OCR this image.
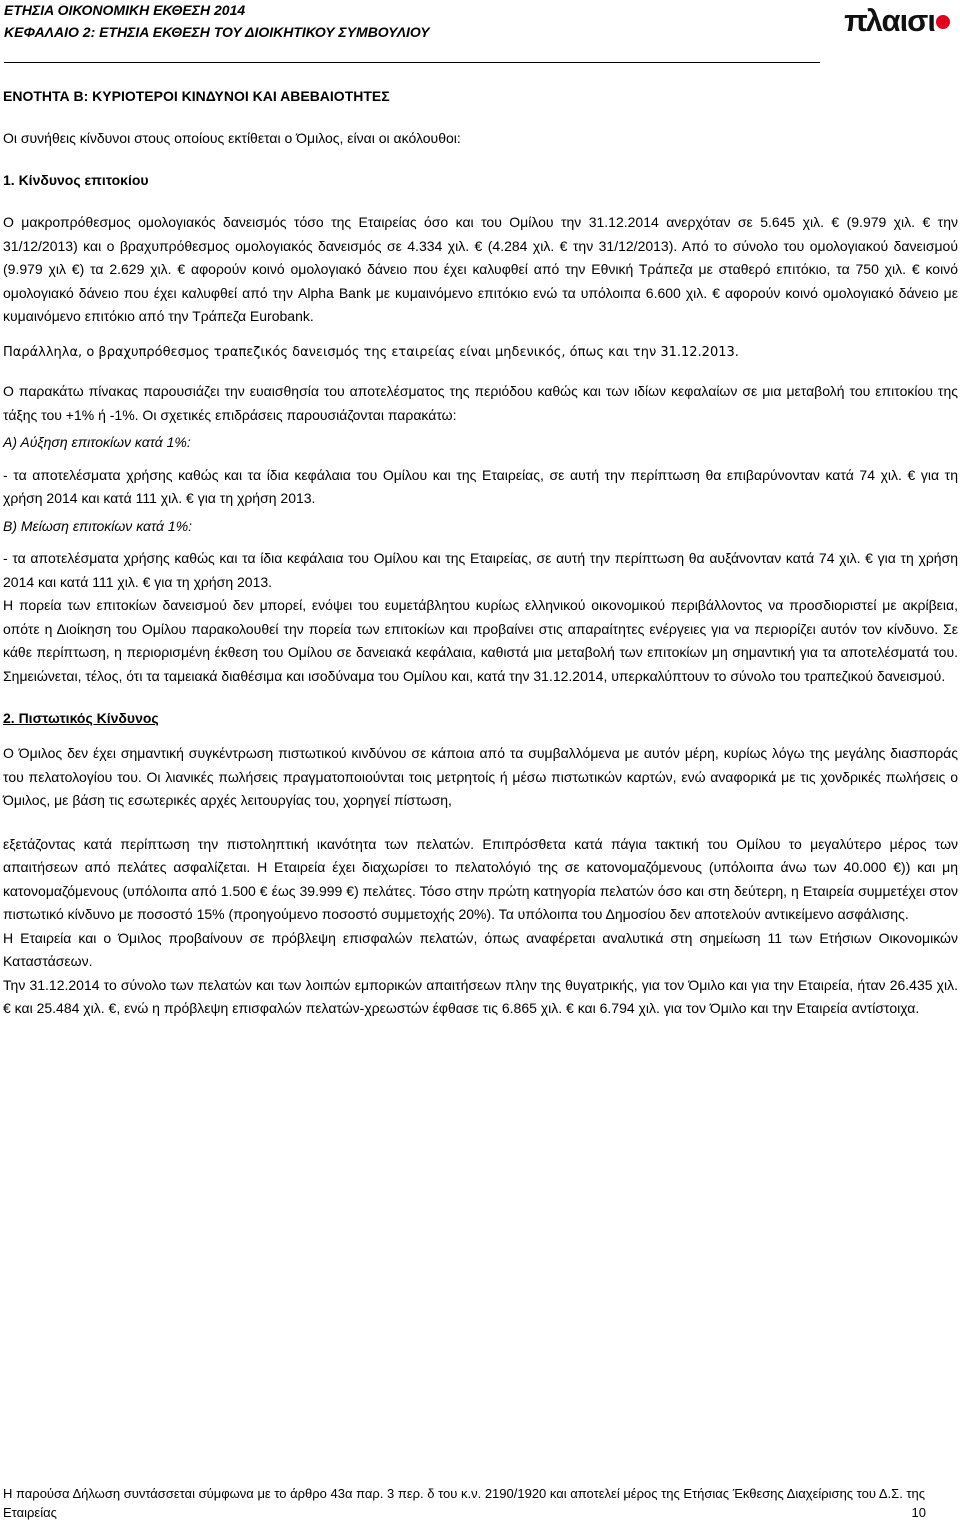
ΕΤΗΣΙΑ ΟΙΚΟΝΟΜΙΚΗ ΕΚΘΕΣΗ 2014
ΚΕΦΑΛΑΙΟ 2: ΕΤΗΣΙΑ ΕΚΘΕΣΗ ΤΟΥ ΔΙΟΙΚΗΤΙΚΟΥ ΣΥΜΒΟΥΛΙΟΥ	πλαισι
ΕΝΟΤΗΤΑ Β: ΚΥΡΙΟΤΕΡΟΙ ΚΙΝΔΥΝΟΙ ΚΑΙ ΑΒΕΒΑΙΟΤΗΤΕΣ

Οι συνήθεις κίνδυνοι στους οποίους εκτίθεται ο Όμιλος, είναι οι ακόλουθοι:

1. Κίνδυνος επιτοκίου

Ο μακροπρόθεσμος ομολογιακός δανεισμός τόσο της Εταιρείας όσο και του Ομίλου την 31.12.2014 ανερχόταν σε 5.645 χιλ. € (9.979 χιλ. € την 31/12/2013) και ο βραχυπρόθεσμος ομολογιακός δανεισμός σε 4.334 χιλ. € (4.284 χιλ. € την 31/12/2013). Από το σύνολο του ομολογιακού δανεισμού (9.979 χιλ €) τα 2.629 χιλ. € αφορούν κοινό ομολογιακό δάνειο που έχει καλυφθεί από την Εθνική Τράπεζα με σταθερό επιτόκιο, τα 750 χιλ. € κοινό ομολογιακό δάνειο που έχει καλυφθεί από την Alpha Bank με κυμαινόμενο επιτόκιο ενώ τα υπόλοιπα 6.600 χιλ. € αφορούν κοινό ομολογιακό δάνειο με κυμαινόμενο επιτόκιο από την Τράπεζα Eurobank.

Παράλληλα, ο βραχυπρόθεσμος τραπεζικός δανεισμός της εταιρείας είναι μηδενικός, όπως και την 31.12.2013.

Ο παρακάτω πίνακας παρουσιάζει την ευαισθησία του αποτελέσματος της περιόδου καθώς και των ιδίων κεφαλαίων σε μια μεταβολή του επιτοκίου της τάξης του +1% ή -1%. Οι σχετικές επιδράσεις παρουσιάζονται παρακάτω:

Α) Αύξηση επιτοκίων κατά 1%:

- τα αποτελέσματα χρήσης καθώς και τα ίδια κεφάλαια του Ομίλου και της Εταιρείας, σε αυτή την περίπτωση θα επιβαρύνονταν κατά 74 χιλ. € για τη χρήση 2014 και κατά 111 χιλ. € για τη χρήση 2013.

Β) Μείωση επιτοκίων κατά 1%:

- τα αποτελέσματα χρήσης καθώς και τα ίδια κεφάλαια του Ομίλου και της Εταιρείας, σε αυτή την περίπτωση θα αυξάνονταν κατά 74 χιλ. € για τη χρήση 2014 και κατά 111 χιλ. € για τη χρήση 2013.

Η πορεία των επιτοκίων δανεισμού δεν μπορεί, ενόψει του ευμετάβλητου κυρίως ελληνικού οικονομικού περιβάλλοντος να προσδιοριστεί με ακρίβεια, οπότε η Διοίκηση του Ομίλου παρακολουθεί την πορεία των επιτοκίων και προβαίνει στις απαραίτητες ενέργειες για να περιορίζει αυτόν τον κίνδυνο. Σε κάθε περίπτωση, η περιορισμένη έκθεση του Ομίλου σε δανειακά κεφάλαια, καθιστά μια μεταβολή των επιτοκίων μη σημαντική για τα αποτελέσματά του. Σημειώνεται, τέλος, ότι τα ταμειακά διαθέσιμα και ισοδύναμα του Ομίλου και, κατά την 31.12.2014, υπερκαλύπτουν το σύνολο του τραπεζικού δανεισμού.

2. Πιστωτικός Κίνδυνος

Ο Όμιλος δεν έχει σημαντική συγκέντρωση πιστωτικού κινδύνου σε κάποια από τα συμβαλλόμενα με αυτόν μέρη, κυρίως λόγω της μεγάλης διασποράς του πελατολογίου του. Οι λιανικές πωλήσεις πραγματοποιούνται τοις μετρητοίς ή μέσω πιστωτικών καρτών, ενώ αναφορικά με τις χονδρικές πωλήσεις ο Όμιλος, με βάση τις εσωτερικές αρχές λειτουργίας του, χορηγεί πίστωση,

εξετάζοντας κατά περίπτωση την πιστοληπτική ικανότητα των πελατών. Επιπρόσθετα κατά πάγια τακτική του Ομίλου το μεγαλύτερο μέρος των απαιτήσεων από πελάτες ασφαλίζεται. Η Εταιρεία έχει διαχωρίσει το πελατολόγιό της σε κατονομαζόμενους (υπόλοιπα άνω των 40.000 €)) και μη κατονομαζόμενους (υπόλοιπα από 1.500 € έως 39.999 €) πελάτες. Τόσο στην πρώτη κατηγορία πελατών όσο και στη δεύτερη, η Εταιρεία συμμετέχει στον πιστωτικό κίνδυνο με ποσοστό 15% (προηγούμενο ποσοστό συμμετοχής 20%). Τα υπόλοιπα του Δημοσίου δεν αποτελούν αντικείμενο ασφάλισης.

Η Εταιρεία και ο Όμιλος προβαίνουν σε πρόβλεψη επισφαλών πελατών, όπως αναφέρεται αναλυτικά στη σημείωση 11 των Ετήσιων Οικονομικών Καταστάσεων.

Την 31.12.2014 το σύνολο των πελατών και των λοιπών εμπορικών απαιτήσεων πλην της θυγατρικής, για τον Όμιλο και για την Εταιρεία, ήταν 26.435 χιλ. € και 25.484 χιλ. €, ενώ η πρόβλεψη επισφαλών πελατών-χρεωστών έφθασε τις 6.865 χιλ. € και 6.794 χιλ. για τον Όμιλο και την Εταιρεία αντίστοιχα.

Η παρούσα Δήλωση συντάσσεται σύμφωνα με το άρθρο 43α παρ. 3 περ. δ του κ.ν. 2190/1920 και αποτελεί μέρος της Ετήσιας Έκθεσης Διαχείρισης του Δ.Σ. της Εταιρείας	10
